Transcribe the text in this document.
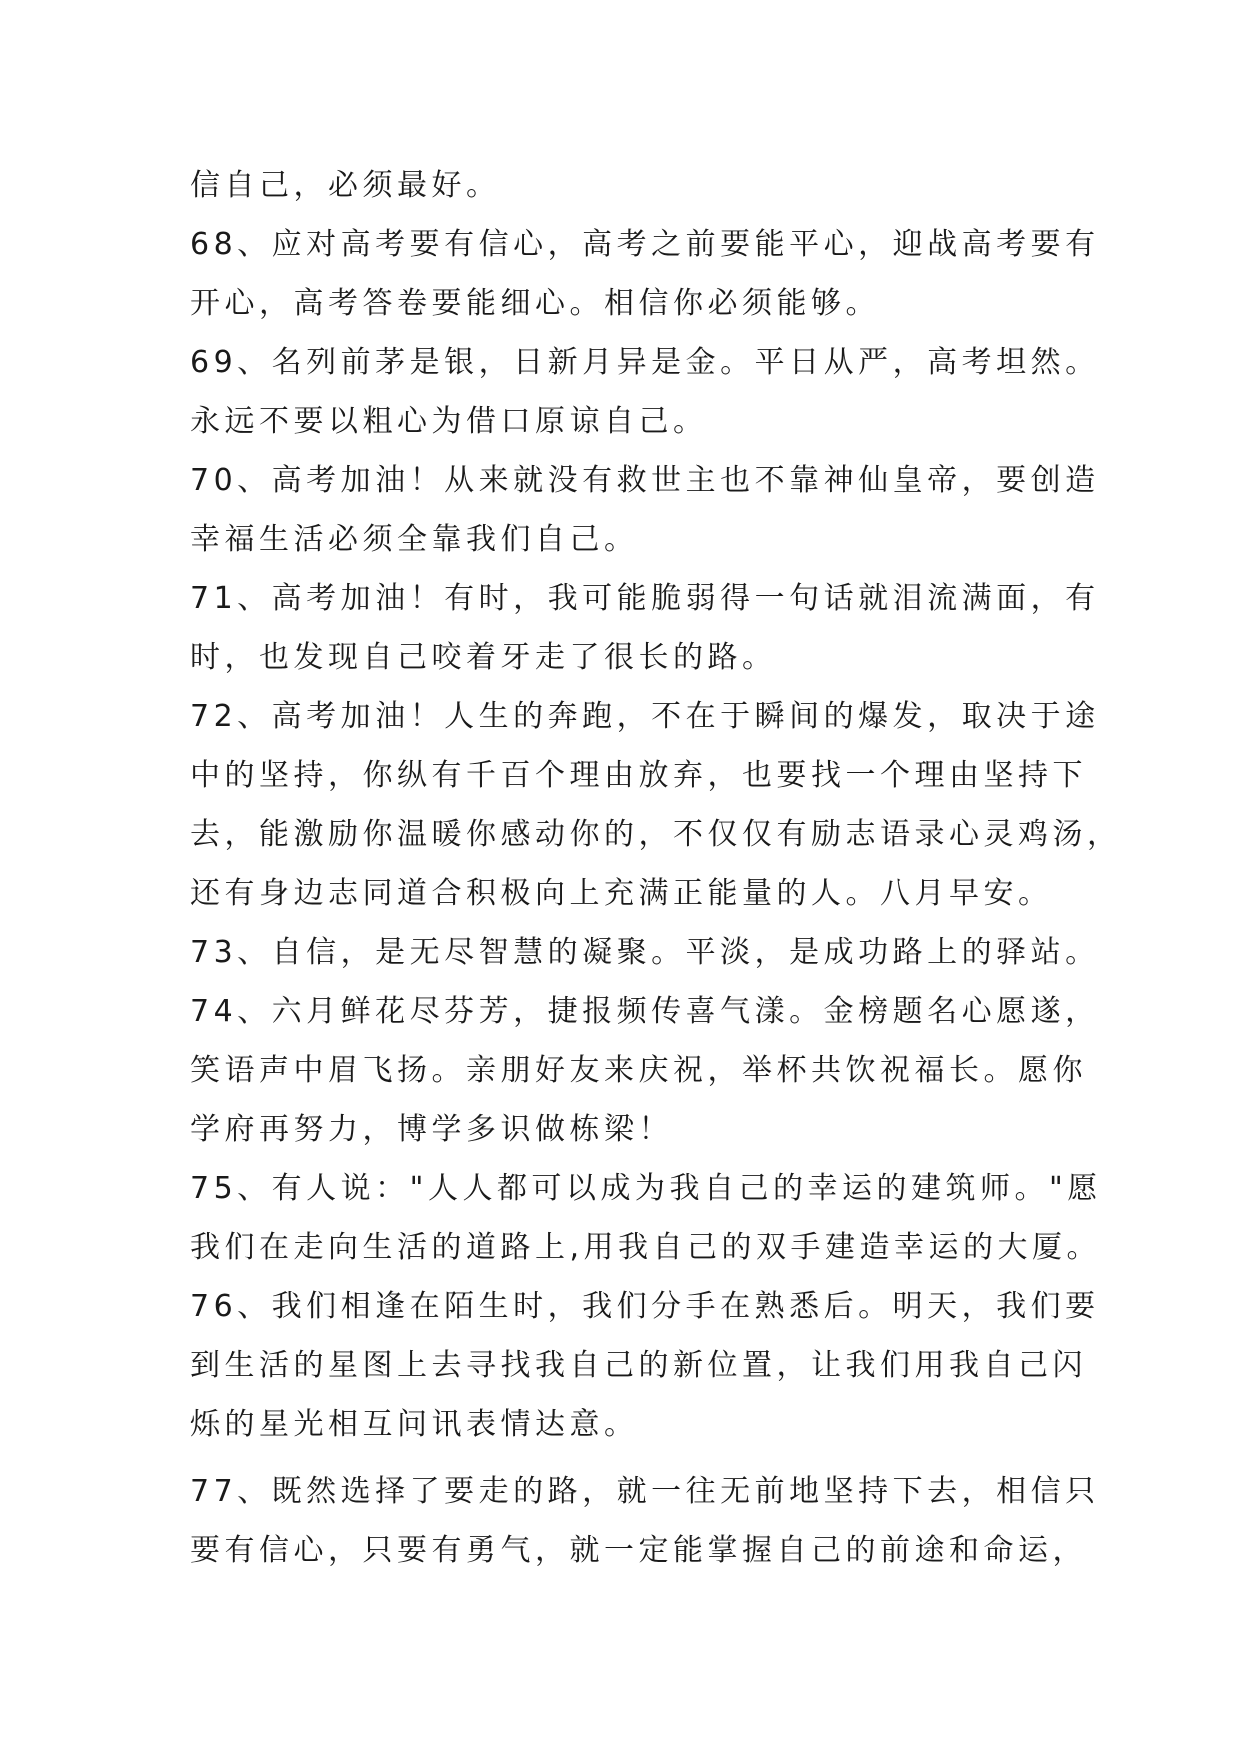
信自己，必须最好。
68、应对高考要有信心，高考之前要能平心，迎战高考要有
开心，高考答卷要能细心。相信你必须能够。
69、名列前茅是银，日新月异是金。平日从严，高考坦然。
永远不要以粗心为借口原谅自己。
70、高考加油！从来就没有救世主也不靠神仙皇帝，要创造
幸福生活必须全靠我们自己。
71、高考加油！有时，我可能脆弱得一句话就泪流满面，有
时，也发现自己咬着牙走了很长的路。
72、高考加油！人生的奔跑，不在于瞬间的爆发，取决于途
中的坚持，你纵有千百个理由放弃，也要找一个理由坚持下
去，能激励你温暖你感动你的，不仅仅有励志语录心灵鸡汤，
还有身边志同道合积极向上充满正能量的人。八月早安。
73、自信，是无尽智慧的凝聚。平淡，是成功路上的驿站。
74、六月鲜花尽芬芳，捷报频传喜气漾。金榜题名心愿遂，
笑语声中眉飞扬。亲朋好友来庆祝，举杯共饮祝福长。愿你
学府再努力，博学多识做栋梁！
75、有人说："人人都可以成为我自己的幸运的建筑师。"愿
我们在走向生活的道路上,用我自己的双手建造幸运的大厦。
76、我们相逢在陌生时，我们分手在熟悉后。明天，我们要
到生活的星图上去寻找我自己的新位置，让我们用我自己闪
烁的星光相互问讯表情达意。
77、既然选择了要走的路，就一往无前地坚持下去，相信只
要有信心，只要有勇气，就一定能掌握自己的前途和命运，
